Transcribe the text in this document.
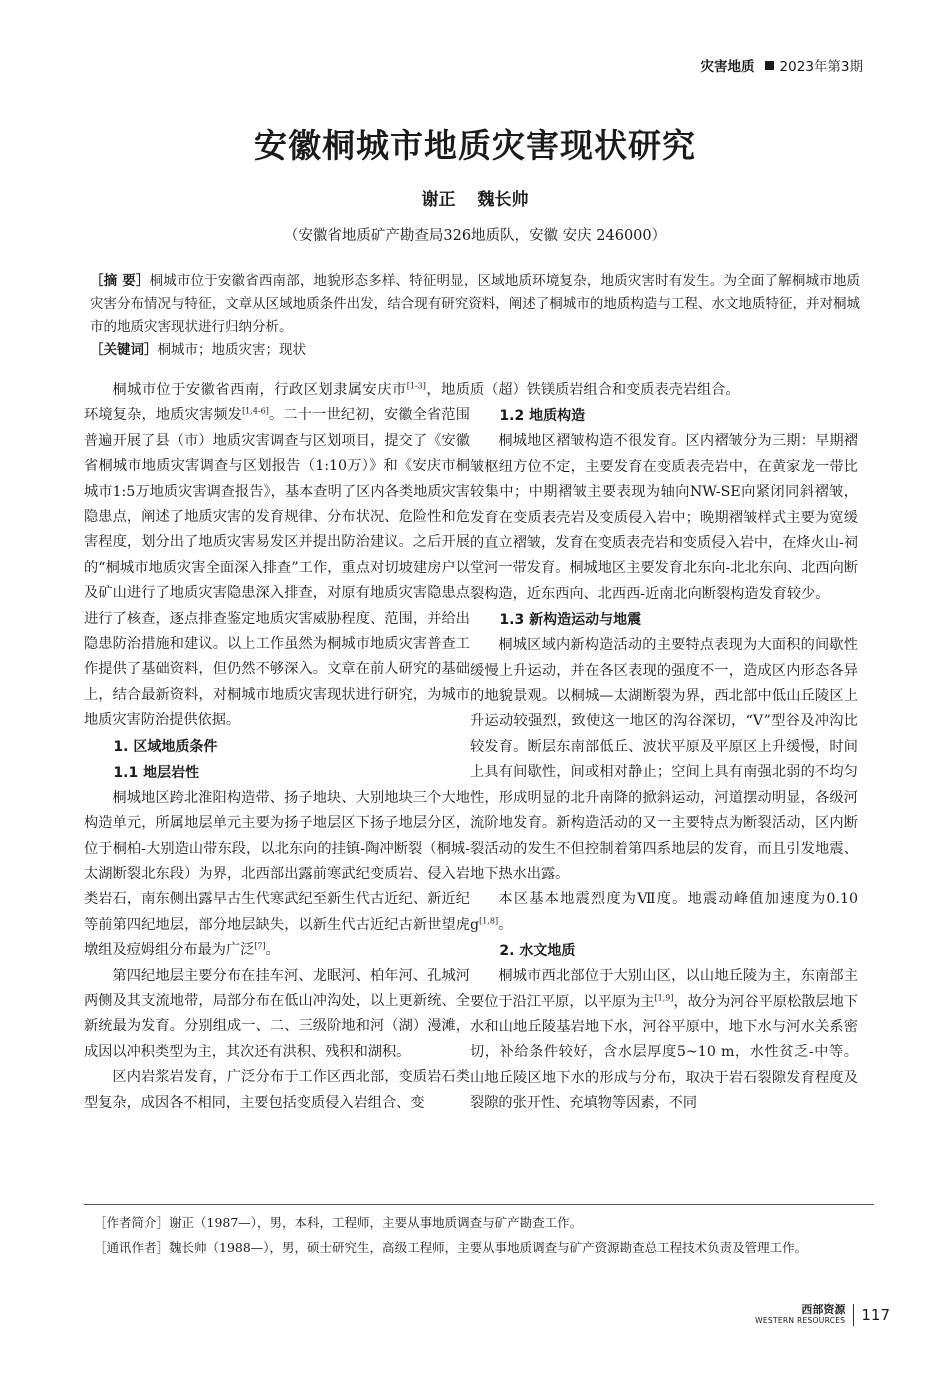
灾害地质 2023年第3期
安徽桐城市地质灾害现状研究
谢正 魏长帅
（安徽省地质矿产勘查局326地质队，安徽 安庆 246000）

［摘 要］桐城市位于安徽省西南部，地貌形态多样、特征明显，区域地质环境复杂，地质灾害时有发生。为全面了解桐城市地质灾害分布情况与特征，文章从区域地质条件出发，结合现有研究资料，阐述了桐城市的地质构造与工程、水文地质特征，并对桐城市的地质灾害现状进行归纳分析。

［关键词］桐城市；地质灾害；现状

桐城市位于安徽省西南，行政区划隶属安庆市[1-3]，地质环境复杂，地质灾害频发[1,4-6]。二十一世纪初，安徽全省范围普遍开展了县（市）地质灾害调查与区划项目，提交了《安徽省桐城市地质灾害调查与区划报告（1:10万）》和《安庆市桐城市1:5万地质灾害调查报告》，基本查明了区内各类地质灾害隐患点，阐述了地质灾害的发育规律、分布状况、危险性和危害程度，划分出了地质灾害易发区并提出防治建议。之后开展的“桐城市地质灾害全面深入排查”工作，重点对切坡建房户以及矿山进行了地质灾害隐患深入排查，对原有地质灾害隐患点进行了核查，逐点排查鉴定地质灾害威胁程度、范围，并给出隐患防治措施和建议。以上工作虽然为桐城市地质灾害普查工作提供了基础资料，但仍然不够深入。文章在前人研究的基础上，结合最新资料，对桐城市地质灾害现状进行研究，为城市地质灾害防治提供依据。

1. 区域地质条件
1.1 地层岩性

桐城地区跨北淮阳构造带、扬子地块、大别地块三个大地构造单元，所属地层单元主要为扬子地层区下扬子地层分区，位于桐柏-大别造山带东段，以北东向的挂镇-陶冲断裂（桐城-太湖断裂北东段）为界，北西部出露前寒武纪变质岩、侵入岩类岩石，南东侧出露早古生代寒武纪至新生代古近纪、新近纪等前第四纪地层，部分地层缺失，以新生代古近纪古新世望虎墩组及痘姆组分布最为广泛[7]。

第四纪地层主要分布在挂车河、龙眠河、柏年河、孔城河两侧及其支流地带，局部分布在低山冲沟处，以上更新统、全新统最为发育。分别组成一、二、三级阶地和河（湖）漫滩，成因以冲积类型为主，其次还有洪积、残积和湖积。

区内岩浆岩发育，广泛分布于工作区西北部，变质岩石类型复杂，成因各不相同，主要包括变质侵入岩组合、变

质（超）铁镁质岩组合和变质表壳岩组合。

1.2 地质构造

桐城地区褶皱构造不很发育。区内褶皱分为三期：早期褶皱枢纽方位不定，主要发育在变质表壳岩中，在黄家龙一带比较集中；中期褶皱主要表现为轴向NW-SE向紧闭同斜褶皱，发育在变质表壳岩及变质侵入岩中；晚期褶皱样式主要为宽缓的直立褶皱，发育在变质表壳岩和变质侵入岩中，在烽火山-祠堂河一带发育。桐城地区主要发育北东向-北北东向、北西向断裂构造，近东西向、北西西-近南北向断裂构造发育较少。

1.3 新构造运动与地震

桐城区域内新构造活动的主要特点表现为大面积的间歇性缓慢上升运动，并在各区表现的强度不一，造成区内形态各异的地貌景观。以桐城—太湖断裂为界，西北部中低山丘陵区上升运动较强烈，致使这一地区的沟谷深切，“V”型谷及冲沟比较发育。断层东南部低丘、波状平原及平原区上升缓慢，时间上具有间歇性，间或相对静止；空间上具有南强北弱的不均匀性，形成明显的北升南降的掀斜运动，河道摆动明显，各级河流阶地发育。新构造活动的又一主要特点为断裂活动，区内断裂活动的发生不但控制着第四系地层的发育，而且引发地震、地下热水出露。

本区基本地震烈度为Ⅶ度。地震动峰值加速度为0.10 g[1,8]。

2. 水文地质

桐城市西北部位于大别山区，以山地丘陵为主，东南部主要位于沿江平原，以平原为主[1,9]，故分为河谷平原松散层地下水和山地丘陵基岩地下水，河谷平原中，地下水与河水关系密切，补给条件较好，含水层厚度5~10 m，水性贫乏-中等。山地丘陵区地下水的形成与分布，取决于岩石裂隙发育程度及裂隙的张开性、充填物等因素，不同

［作者简介］谢正（1987—），男，本科，工程师，主要从事地质调查与矿产勘查工作。

［通讯作者］魏长帅（1988—），男，硕士研究生，高级工程师，主要从事地质调查与矿产资源勘查总工程技术负责及管理工作。

西部资源
WESTERN RESOURCES 117
